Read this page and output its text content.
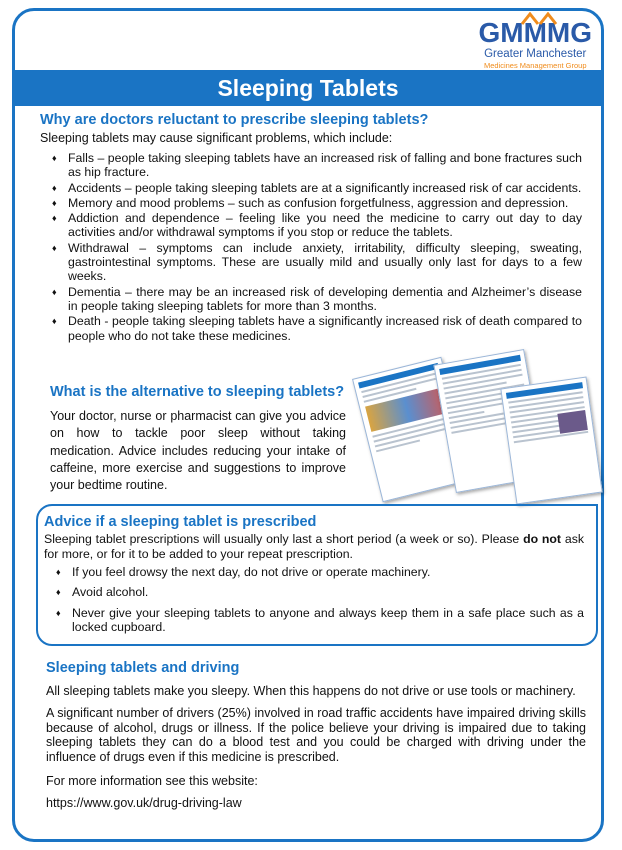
GMMMG
Greater Manchester
Medicines Management Group
Sleeping Tablets
Why are doctors reluctant to prescribe sleeping tablets?
Sleeping tablets may cause significant problems, which include:
♦ Falls – people taking sleeping tablets have an increased risk of falling and bone fractures such as hip fracture.
♦ Accidents – people taking sleeping tablets are at a significantly increased risk of car accidents.
♦ Memory and mood problems – such as confusion forgetfulness, aggression and depression.
♦ Addiction and dependence – feeling like you need the medicine to carry out day to day activities and/or withdrawal symptoms if you stop or reduce the tablets.
♦ Withdrawal – symptoms can include anxiety, irritability, difficulty sleeping, sweating, gastrointestinal symptoms. These are usually mild and usually only last for days to a few weeks.
♦ Dementia – there may be an increased risk of developing dementia and Alzheimer’s disease in people taking sleeping tablets for more than 3 months.
♦ Death - people taking sleeping tablets have a significantly increased risk of death compared to people who do not take these medicines.
What is the alternative to sleeping tablets?
Your doctor, nurse or pharmacist can give you advice on how to tackle poor sleep without taking medication. Advice includes reducing your intake of caffeine, more exercise and suggestions to improve your bedtime routine.
Advice if a sleeping tablet is prescribed
Sleeping tablet prescriptions will usually only last a short period (a week or so). Please do not ask for more, or for it to be added to your repeat prescription.
♦ If you feel drowsy the next day, do not drive or operate machinery.
♦ Avoid alcohol.
♦ Never give your sleeping tablets to anyone and always keep them in a safe place such as a locked cupboard.
Sleeping tablets and driving
All sleeping tablets make you sleepy. When this happens do not drive or use tools or machinery.
A significant number of drivers (25%) involved in road traffic accidents have impaired driving skills because of alcohol, drugs or illness. If the police believe your driving is impaired due to taking sleeping tablets they can do a blood test and you could be charged with driving under the influence of drugs even if this medicine is prescribed.
For more information see this website:
https://www.gov.uk/drug-driving-law
